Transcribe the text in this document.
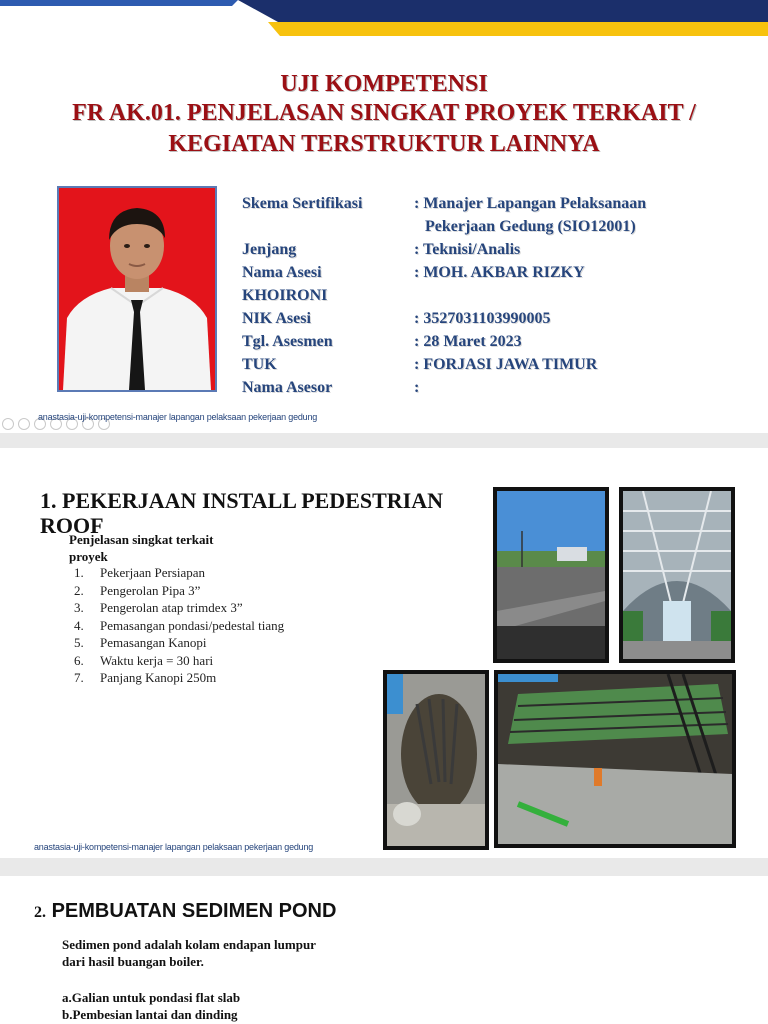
UJI KOMPETENSI
FR AK.01. PENJELASAN SINGKAT PROYEK TERKAIT /
KEGIATAN TERSTRUKTUR LAINNYA
Skema Sertifikasi	: Manajer Lapangan Pelaksanaan
Pekerjaan Gedung (SIO12001)
Jenjang	: Teknisi/Analis
Nama Asesi	: MOH. AKBAR RIZKY
KHOIRONI
NIK Asesi	: 3527031103990005
Tgl. Asesmen	: 28 Maret 2023
TUK	: FORJASI JAWA TIMUR
Nama Asesor	:
anastasia-uji-kompetensi-manajer lapangan pelaksaan pekerjaan gedung
1. PEKERJAAN INSTALL PEDESTRIAN ROOF
Penjelasan singkat terkait proyek
1.	Pekerjaan Persiapan
2.	Pengerolan Pipa 3”
3.	Pengerolan atap trimdex 3”
4.	Pemasangan pondasi/pedestal tiang
5.	Pemasangan Kanopi
6.	Waktu kerja = 30 hari
7.	Panjang Kanopi 250m
anastasia-uji-kompetensi-manajer lapangan pelaksaan pekerjaan gedung
2. PEMBUATAN SEDIMEN POND
Sedimen pond adalah kolam endapan lumpur dari hasil buangan boiler.
a.Galian untuk pondasi flat slab
b.Pembesian lantai dan dinding
